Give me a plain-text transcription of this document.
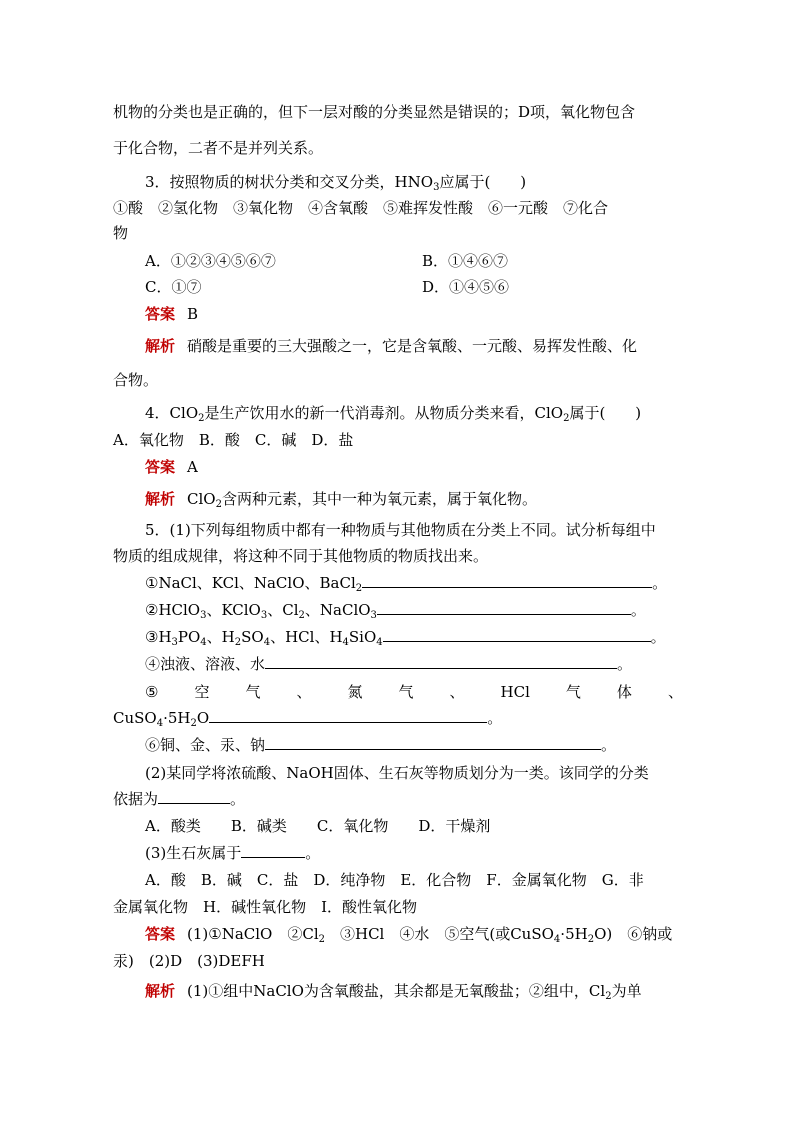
机物的分类也是正确的，但下一层对酸的分类显然是错误的；D项，氧化物包含
于化合物，二者不是并列关系。
3．按照物质的树状分类和交叉分类，$HNO_3$应属于(　　)
①酸　②氢化物　③氧化物　④含氧酸　⑤难挥发性酸　⑥一元酸　⑦化合
物
A．①②③④⑤⑥⑦	B．①④⑥⑦
C．①⑦	D．①④⑤⑥
答案 B
解析 硝酸是重要的三大强酸之一，它是含氧酸、一元酸、易挥发性酸、化
合物。
4．ClO$_2$是生产饮用水的新一代消毒剂。从物质分类来看，ClO$_2$属于(　　)
A．氧化物　B．酸　C．碱　D．盐
答案 A
解析 ClO$_2$含两种元素，其中一种为氧元素，属于氧化物。
5．(1)下列每组物质中都有一种物质与其他物质在分类上不同。试分析每组中
物质的组成规律，将这种不同于其他物质的物质找出来。
①NaCl、KCl、NaClO、BaCl$_2$	。
②HClO$_3$、KClO$_3$、$Cl_2$、NaClO$_3$	。
$③H_3PO_4$、$H_2SO_4$、HCl、$H_4SiO_4$	。
④浊液、溶液、水	。
⑤ 空 气 、 氮 气 、 HCl 气 体 、
$CuSO_4\cdot 5H_2O$	。
⑥铜、金、汞、钠	。
(2)某同学将浓硫酸、NaOH固体、生石灰等物质划分为一类。该同学的分类
依据为	。
A．酸类　　B．碱类　　C．氧化物　　D．干燥剂
(3)生石灰属于	。
A．酸　B．碱　C．盐　D．纯净物　E．化合物　F．金属氧化物　G．非
金属氧化物　H．碱性氧化物　I．酸性氧化物
答案 (1)①NaClO　$②Cl_2$　③HCl　④水　⑤空气(或$CuSO_4\cdot 5H_2O$)　⑥钠或
汞)　(2)D　(3)DEFH
解析 (1)①组中NaClO为含氧酸盐，其余都是无氧酸盐；②组中，$Cl_2$为单
